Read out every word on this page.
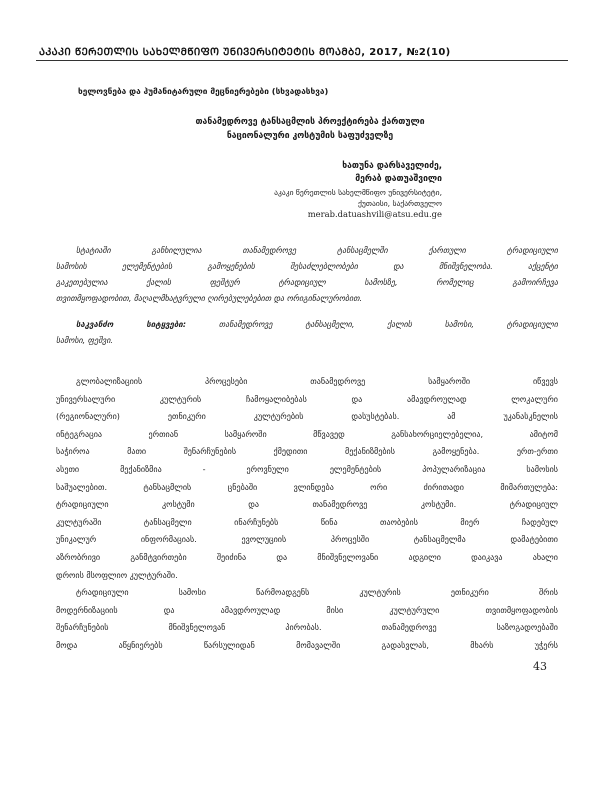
ᲐᲙᲐᲙᲘ ᲬᲔᲠᲔᲗᲚᲘᲡ ᲡᲐᲮᲔᲚᲛᲬᲘᲤᲝ ᲣᲜᲘᲕᲔᲠᲡᲘᲢᲔᲢᲘᲡ ᲛᲝᲐᲛᲑᲔ, 2017, №2(10)
ხელოვნება და ჰუმანიტარული მეცნიერებები (სხვადასხვა)
თანამედროვე ტანსაცმლის პროექტირება ქართული
ნაციონალური კოსტუმის საფუძველზე
ხათუნა დარსაველიძე,
მერაბ დათუაშვილი
აკაკი წერეთლის სახელმწიფო უნივერსიტეტი,
ქუთაისი, საქართველო
merab.datuashvili@atsu.edu.ge
სტატიაში განხილულია თანამედროვე ტანსაცმელში ქართული ტრადიციული
სამოსის ელემენტების გამოყენების შესაძლებლობები და მნიშვნელობა. აქცენტი
გაკეთებულია ქალის ფეშტურ ტრადიციულ სამოსზე, რომელიც გამოირჩევა
თვითმყოფადობით, მაღალმხატვრული ღირებულებებით და ორიგინალურობით.
საკვანძო სიტყვები: თანამედროვე ტანსაცმელი, ქალის სამოსი, ტრადიციული
სამოსი, ფეშვი.
გლობალიზაციის პროცესები თანამედროვე სამყაროში იწვევს
უნივერსალური კულტურის ჩამოყალიბებას და ამავდროულად ლოკალური
(რეგიონალური) ეთნიკური კულტურების დასუსტებას. ამ უკანასკნელის
ინტეგრაცია ერთიან სამყაროში მწვავედ განსახორციელებელია, ამიტომ
საჭიროა მათი შენარჩუნების ქმედითი მექანიზმების გამოყენება. ერთ-ერთი
ასეთი მექანიზმია - ეროვნული ელემენტების პოპულარიზაცია სამოსის
საშუალებით. ტანსაცმლის ცნებაში ვლინდება ორი ძირითადი მიმართულება:
ტრადიციული კოსტუმი და თანამედროვე კოსტუმი. ტრადიციულ
კულტურაში ტანსაცმელი ინარჩუნებს წინა თაობების მიერ ჩადებულ
უნიკალურ ინფორმაციას. ევოლუციის პროცესში ტანსაცმელმა დამატებითი
აზრობრივი განმტვირთები შეიძინა და მნიშვნელოვანი ადგილი დაიკავა ახალი
დროის მსოფლიო კულტურაში.
ტრადიციული სამოსი წარმოადგენს კულტურის ეთნიკური შრის
მოდერნიზაციის და ამავდროულად მისი კულტურული თვითმყოფადობის
შენარჩუნების მნიშვნელოვან პირობას. თანამედროვე საზოგადოებაში
მოდა აწყნიერებს წარსულიდან მომავალში გადასვლას, მხარს უჭერს
43
